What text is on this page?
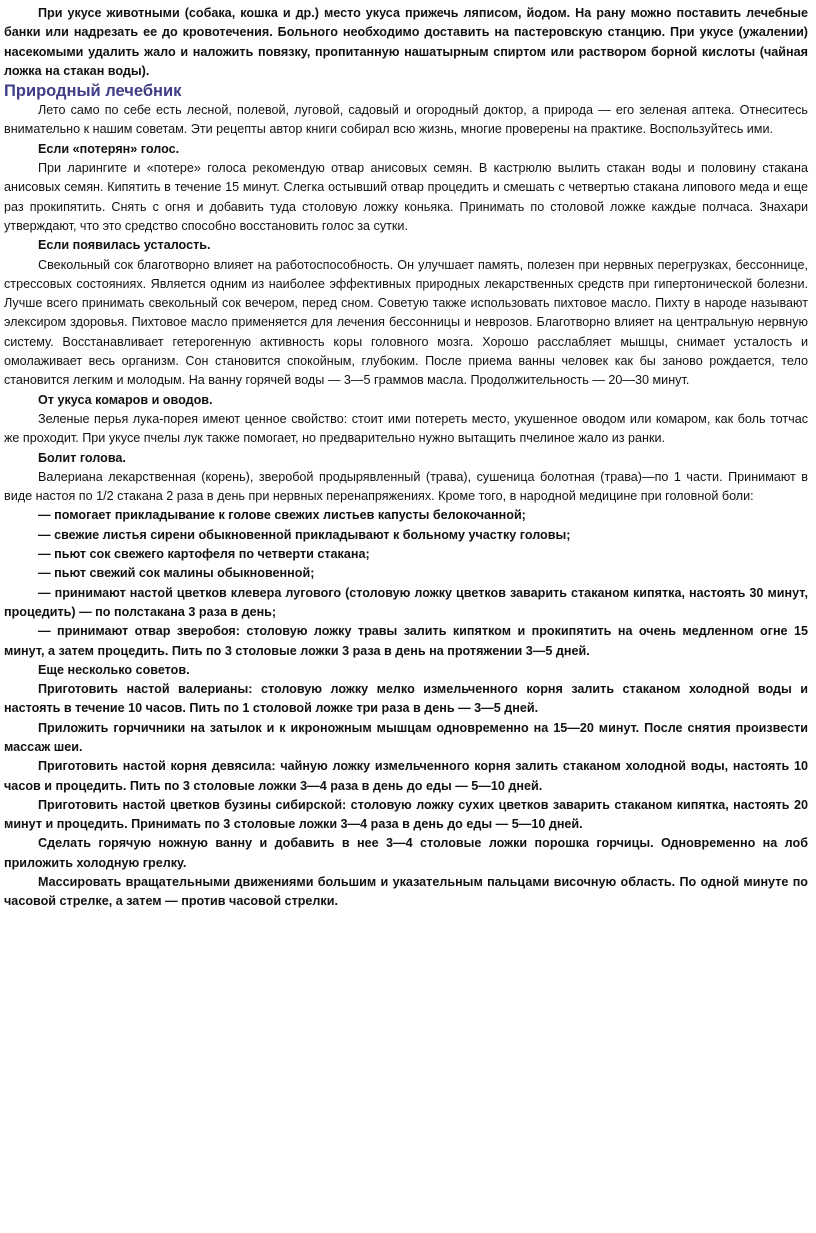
При укусе животными (собака, кошка и др.) место укуса прижечь ляписом, йодом. На рану можно поставить лечебные банки или надрезать ее до кровотечения. Больного необходимо доставить на пастеровскую станцию. При укусе (ужалении) насекомыми удалить жало и наложить повязку, пропитанную нашатырным спиртом или раствором борной кислоты (чайная ложка на стакан воды).

Природный лечебник

Лето само по себе есть лесной, полевой, луговой, садовый и огородный доктор, а природа — его зеленая аптека. Отнеситесь внимательно к нашим советам. Эти рецепты автор книги собирал всю жизнь, многие проверены на практике. Воспользуйтесь ими.

Если «потерян» голос.

При ларингите и «потере» голоса рекомендую отвар анисовых семян. В кастрюлю вылить стакан воды и половину стакана анисовых семян. Кипятить в течение 15 минут. Слегка остывший отвар процедить и смешать с четвертью стакана липового меда и еще раз прокипятить. Снять с огня и добавить туда столовую ложку коньяка. Принимать по столовой ложке каждые полчаса. Знахари утверждают, что это средство способно восстановить голос за сутки.

Если появилась усталость.

Свекольный сок благотворно влияет на работоспособность. Он улучшает память, полезен при нервных перегрузках, бессоннице, стрессовых состояниях. Является одним из наиболее эффективных природных лекарственных средств при гипертонической болезни. Лучше всего принимать свекольный сок вечером, перед сном. Советую также использовать пихтовое масло. Пихту в народе называют элексиром здоровья. Пихтовое масло применяется для лечения бессонницы и неврозов. Благотворно влияет на центральную нервную систему. Восстанавливает гетерогенную активность коры головного мозга. Хорошо расслабляет мышцы, снимает усталость и омолаживает весь организм. Сон становится спокойным, глубоким. После приема ванны человек как бы заново рождается, тело становится легким и молодым. На ванну горячей воды — 3—5 граммов масла. Продолжительность — 20—30 минут.

От укуса комаров и оводов.

Зеленые перья лука-порея имеют ценное свойство: стоит ими потереть место, укушенное оводом или комаром, как боль тотчас же проходит. При укусе пчелы лук также помогает, но предварительно нужно вытащить пчелиное жало из ранки.

Болит голова.

Валериана лекарственная (корень), зверобой продырявленный (трава), сушеница болотная (трава)—по 1 части. Принимают в виде настоя по 1/2 стакана 2 раза в день при нервных перенапряжениях. Кроме того, в народной медицине при головной боли:

— помогает прикладывание к голове свежих листьев капусты белокочанной;

— свежие листья сирени обыкновенной прикладывают к больному участку головы;

— пьют сок свежего картофеля по четверти стакана;

— пьют свежий сок малины обыкновенной;

— принимают настой цветков клевера лугового (столовую ложку цветков заварить стаканом кипятка, настоять 30 минут, процедить) — по полстакана 3 раза в день;

— принимают отвар зверобоя: столовую ложку травы залить кипятком и прокипятить на очень медленном огне 15 минут, а затем процедить. Пить по 3 столовые ложки 3 раза в день на протяжении 3—5 дней.

Еще несколько советов.

Приготовить настой валерианы: столовую ложку мелко измельченного корня залить стаканом холодной воды и настоять в течение 10 часов. Пить по 1 столовой ложке три раза в день — 3—5 дней.

Приложить горчичники на затылок и к икроножным мышцам одновременно на 15—20 минут. После снятия произвести массаж шеи.

Приготовить настой корня девясила: чайную ложку измельченного корня залить стаканом холодной воды, настоять 10 часов и процедить. Пить по 3 столовые ложки 3—4 раза в день до еды — 5—10 дней.

Приготовить настой цветков бузины сибирской: столовую ложку сухих цветков заварить стаканом кипятка, настоять 20 минут и процедить. Принимать по 3 столовые ложки 3—4 раза в день до еды — 5—10 дней.

Сделать горячую ножную ванну и добавить в нее 3—4 столовые ложки порошка горчицы. Одновременно на лоб приложить холодную грелку.

Массировать вращательными движениями большим и указательным пальцами височную область. По одной минуте по часовой стрелке, а затем — против часовой стрелки.
